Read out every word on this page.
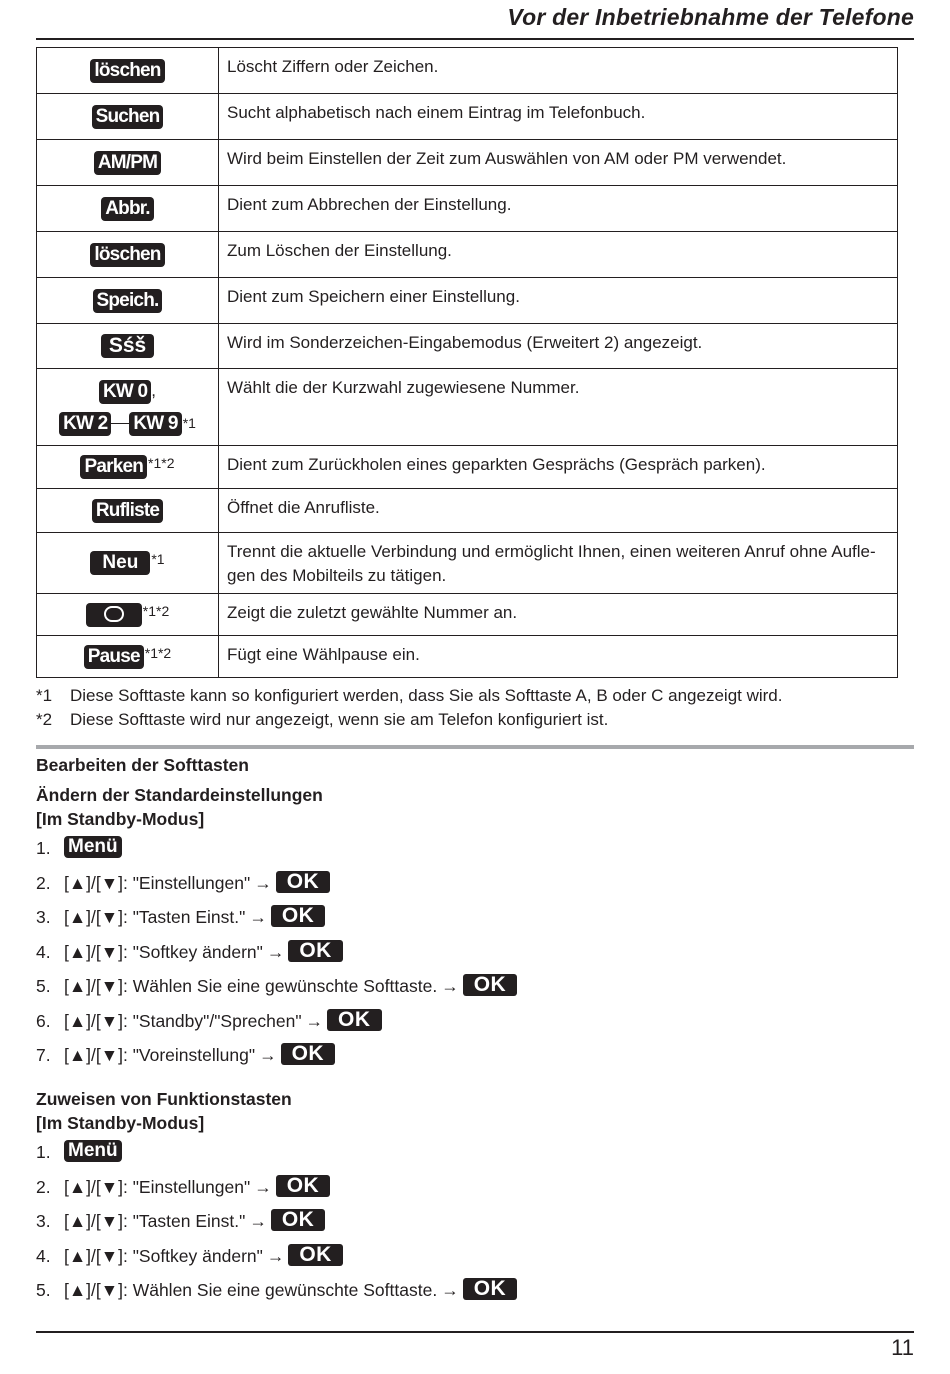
Vor der Inbetriebnahme der Telefone
löschen	Löscht Ziffern oder Zeichen.
Suchen	Sucht alphabetisch nach einem Eintrag im Telefonbuch.
AM/PM	Wird beim Einstellen der Zeit zum Auswählen von AM oder PM verwendet.
Abbr.	Dient zum Abbrechen der Einstellung.
löschen	Zum Löschen der Einstellung.
Speich.	Dient zum Speichern einer Einstellung.
Sśš	Wird im Sonderzeichen-Eingabemodus (Erweitert 2) angezeigt.

KW 0 ,
KW 2 KW 9 $^{*1}$	Wählt die der Kurzwahl zugewiesene Nummer.
Parken $^{*1*2}$	Dient zum Zurückholen eines geparkten Gesprächs (Gespräch parken).
Rufliste	Öffnet die Anrufliste.
Neu $^{*1}$	Trennt die aktuelle Verbindung und ermöglicht Ihnen, einen weiteren Anruf ohne Aufle-gen des Mobilteils zu tätigen.
$^{*1*2}$	Zeigt die zuletzt gewählte Nummer an.
Pause $^{*1*2}$	Fügt eine Wählpause ein.
*1 Diese Softtaste kann so konfiguriert werden, dass Sie als Softtaste A, B oder C angezeigt wird.
*2 Diese Softtaste wird nur angezeigt, wenn sie am Telefon konfiguriert ist.
Bearbeiten der Softtasten
Ändern der Standardeinstellungen
[Im Standby-Modus]
1. Menü
2. [▲]/[▼]: "Einstellungen" → OK
3. [▲]/[▼]: "Tasten Einst." → OK
4. [▲]/[▼]: "Softkey ändern" → OK
5. [▲]/[▼]: Wählen Sie eine gewünschte Softtaste. → OK
6. [▲]/[▼]: "Standby"/"Sprechen" → OK
7. [▲]/[▼]: "Voreinstellung" → OK
Zuweisen von Funktionstasten
[Im Standby-Modus]
1. Menü
2. [▲]/[▼]: "Einstellungen" → OK
3. [▲]/[▼]: "Tasten Einst." → OK
4. [▲]/[▼]: "Softkey ändern" → OK
5. [▲]/[▼]: Wählen Sie eine gewünschte Softtaste. → OK
11
